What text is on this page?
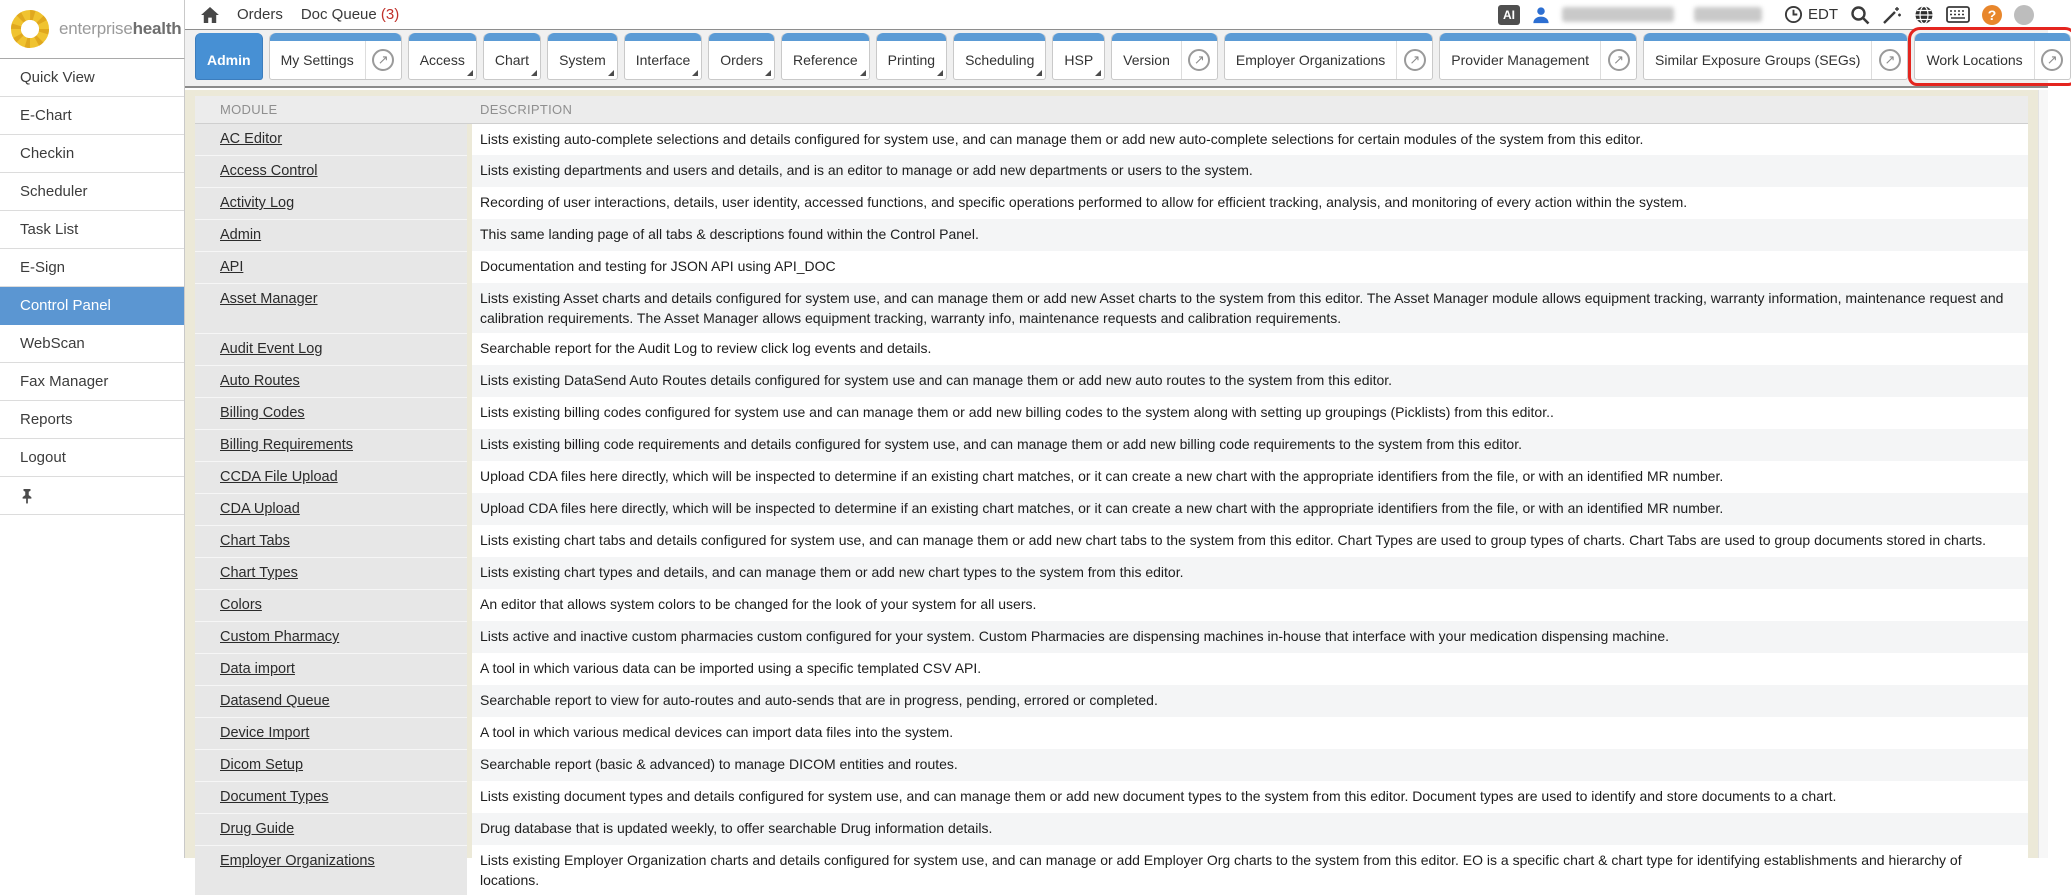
enterprisehealth
Orders Doc Queue (3)	AI	EDT	?
Admin	My Settings	↗	Access	Chart	System	Interface	Orders	Reference	Printing	Scheduling	HSP	Version	↗	Employer Organizations	↗	Provider Management	↗	Similar Exposure Groups (SEGs)	↗	Work Locations	↗
Quick View
E-Chart
Checkin
Scheduler
Task List
E-Sign
Control Panel
WebScan
Fax Manager
Reports
Logout
MODULE	DESCRIPTION
AC Editor	Lists existing auto-complete selections and details configured for system use, and can manage them or add new auto-complete selections for certain modules of the system from this editor.
Access Control	Lists existing departments and users and details, and is an editor to manage or add new departments or users to the system.
Activity Log	Recording of user interactions, details, user identity, accessed functions, and specific operations performed to allow for efficient tracking, analysis, and monitoring of every action within the system.
Admin	This same landing page of all tabs & descriptions found within the Control Panel.
API	Documentation and testing for JSON API using API_DOC
Asset Manager	Lists existing Asset charts and details configured for system use, and can manage them or add new Asset charts to the system from this editor. The Asset Manager module allows equipment tracking, warranty information, maintenance request and calibration requirements. The Asset Manager allows equipment tracking, warranty info, maintenance requests and calibration requirements.
Audit Event Log	Searchable report for the Audit Log to review click log events and details.
Auto Routes	Lists existing DataSend Auto Routes details configured for system use and can manage them or add new auto routes to the system from this editor.
Billing Codes	Lists existing billing codes configured for system use and can manage them or add new billing codes to the system along with setting up groupings (Picklists) from this editor..
Billing Requirements	Lists existing billing code requirements and details configured for system use, and can manage them or add new billing code requirements to the system from this editor.
CCDA File Upload	Upload CDA files here directly, which will be inspected to determine if an existing chart matches, or it can create a new chart with the appropriate identifiers from the file, or with an identified MR number.
CDA Upload	Upload CDA files here directly, which will be inspected to determine if an existing chart matches, or it can create a new chart with the appropriate identifiers from the file, or with an identified MR number.
Chart Tabs	Lists existing chart tabs and details configured for system use, and can manage them or add new chart tabs to the system from this editor. Chart Types are used to group types of charts. Chart Tabs are used to group documents stored in charts.
Chart Types	Lists existing chart types and details, and can manage them or add new chart types to the system from this editor.
Colors	An editor that allows system colors to be changed for the look of your system for all users.
Custom Pharmacy	Lists active and inactive custom pharmacies custom configured for your system. Custom Pharmacies are dispensing machines in-house that interface with your medication dispensing machine.
Data import	A tool in which various data can be imported using a specific templated CSV API.
Datasend Queue	Searchable report to view for auto-routes and auto-sends that are in progress, pending, errored or completed.
Device Import	A tool in which various medical devices can import data files into the system.
Dicom Setup	Searchable report (basic & advanced) to manage DICOM entities and routes.
Document Types	Lists existing document types and details configured for system use, and can manage them or add new document types to the system from this editor. Document types are used to identify and store documents to a chart.
Drug Guide	Drug database that is updated weekly, to offer searchable Drug information details.
Employer Organizations	Lists existing Employer Organization charts and details configured for system use, and can manage or add Employer Org charts to the system from this editor. EO is a specific chart & chart type for identifying establishments and hierarchy of locations.
